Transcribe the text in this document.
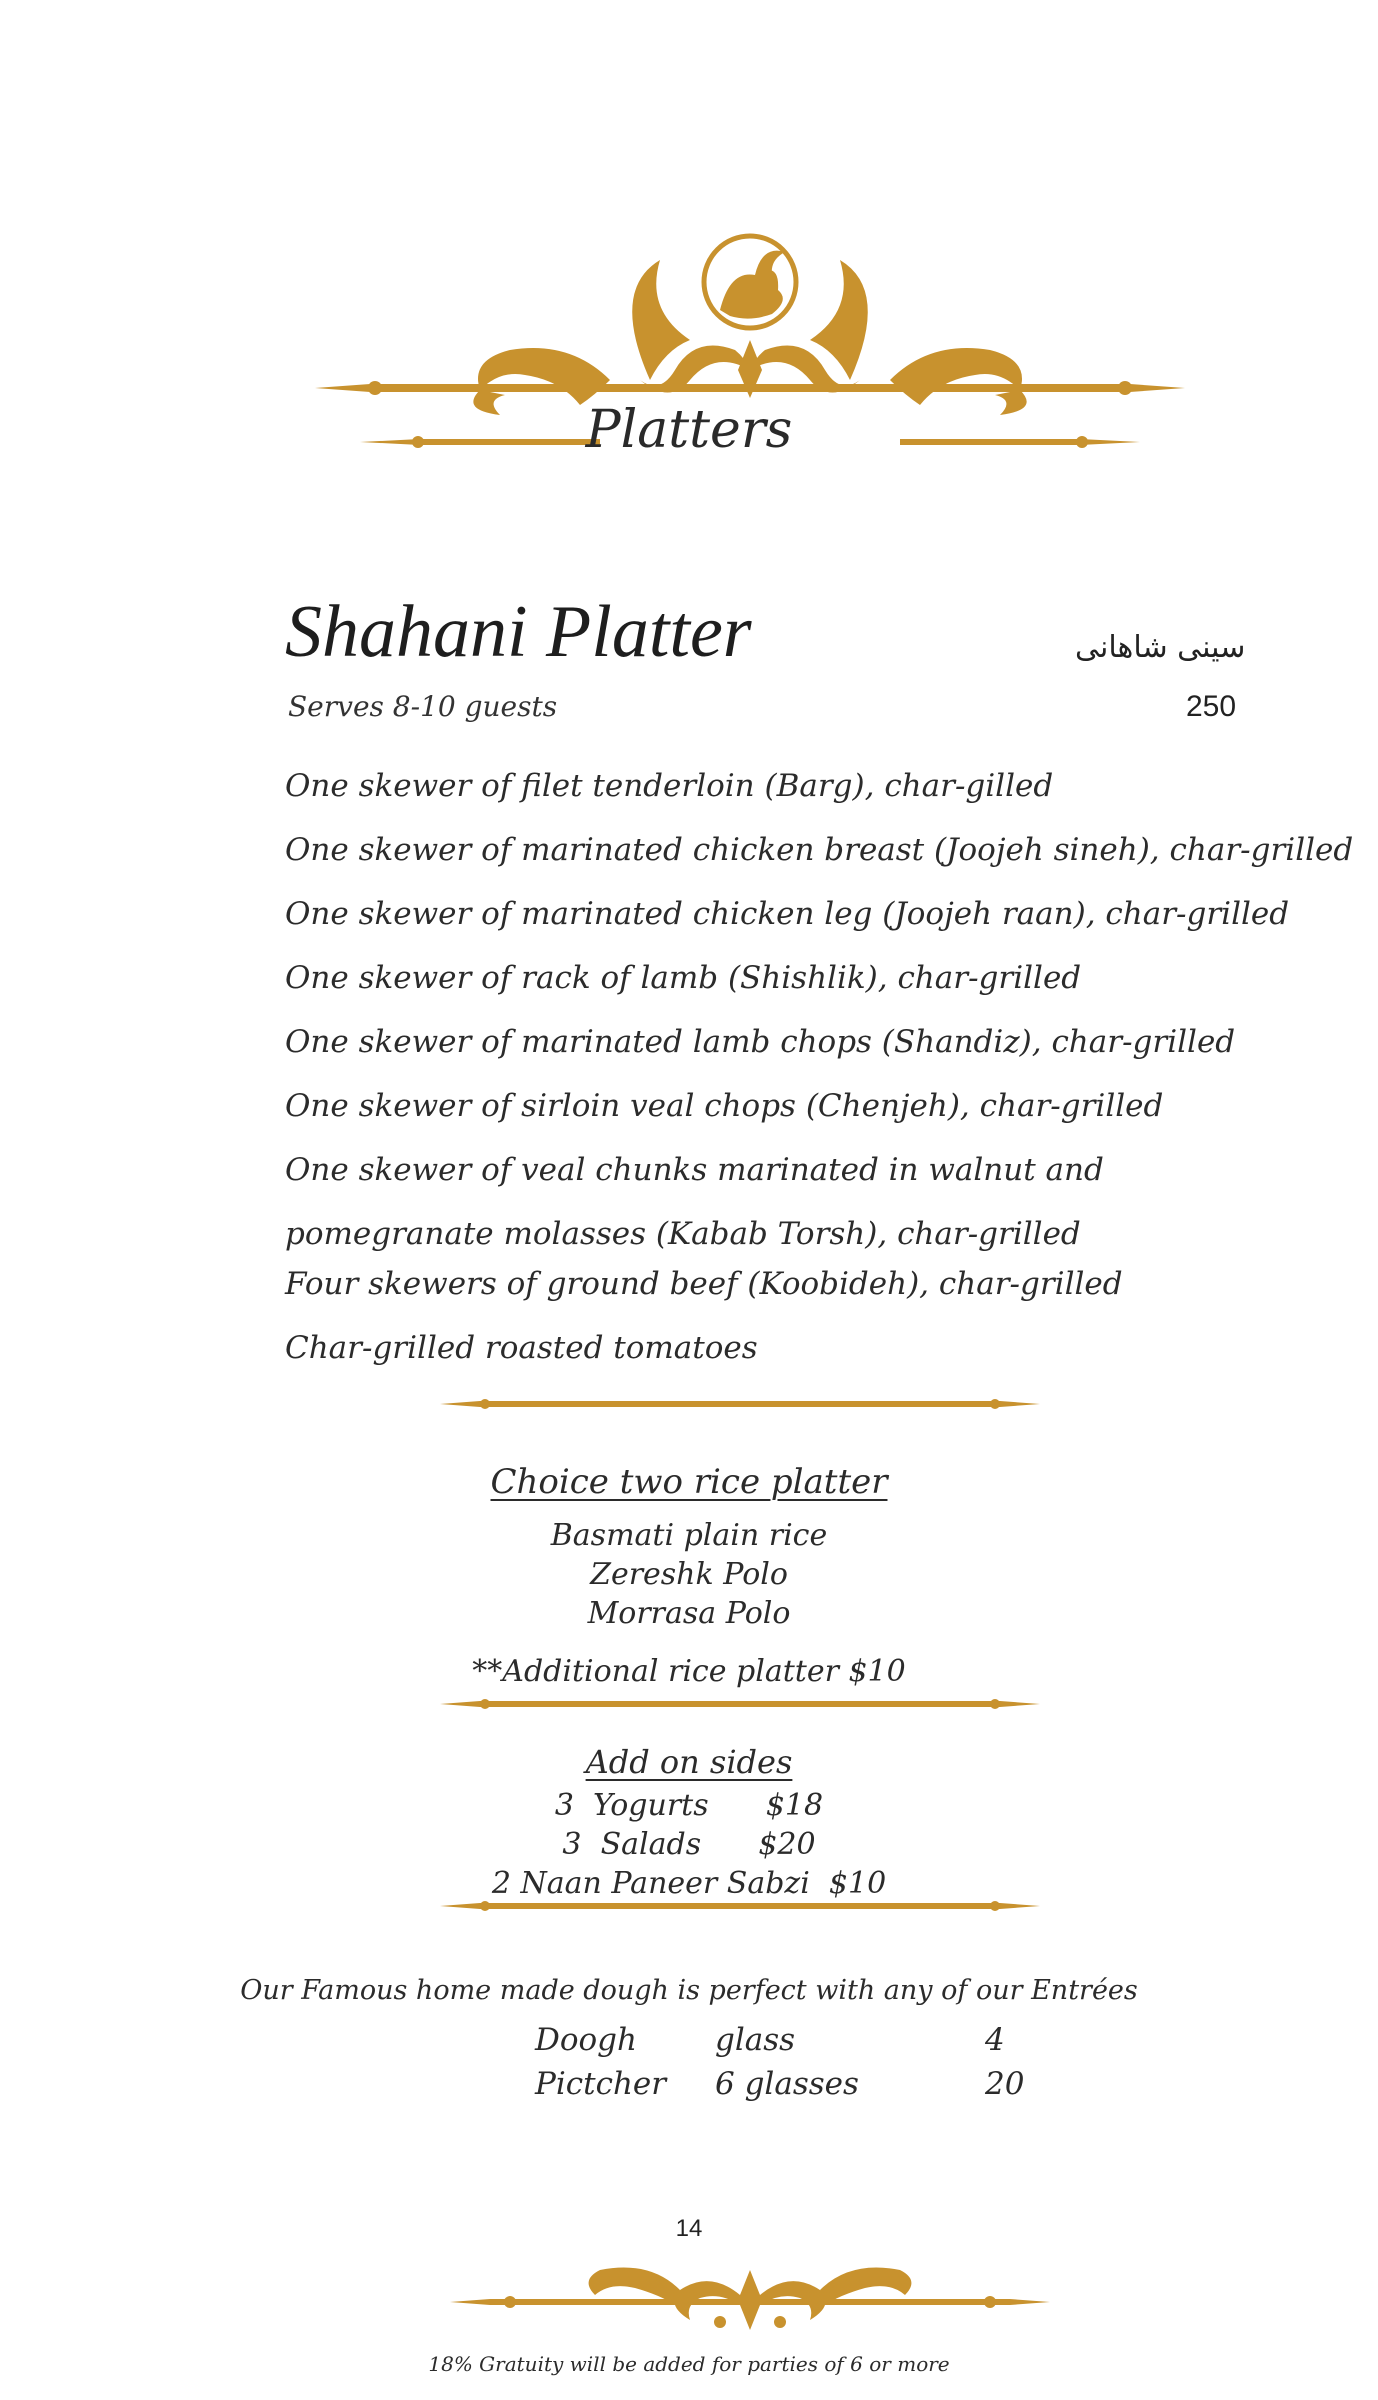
Platters
Shahani Platter	سینی شاهانی
Serves 8-10 guests	250
One skewer of filet tenderloin (Barg), char-gilled
One skewer of marinated chicken breast (Joojeh sineh), char-grilled
One skewer of marinated chicken leg (Joojeh raan), char-grilled
One skewer of rack of lamb (Shishlik), char-grilled
One skewer of marinated lamb chops (Shandiz), char-grilled
One skewer of sirloin veal chops (Chenjeh), char-grilled
One skewer of veal chunks marinated in walnut and pomegranate molasses (Kabab Torsh), char-grilled
Four skewers of ground beef (Koobideh), char-grilled
Char-grilled roasted tomatoes
Choice two rice platter
Basmati plain rice
Zereshk Polo
Morrasa Polo
**Additional rice platter $10
Add on sides
3  Yogurts      $18
3  Salads      $20
2 Naan Paneer Sabzi  $10
Our Famous home made dough is perfect with any of our Entrées
Doogh	glass	4
Pictcher	6 glasses	20
14
18% Gratuity will be added for parties of 6 or more
